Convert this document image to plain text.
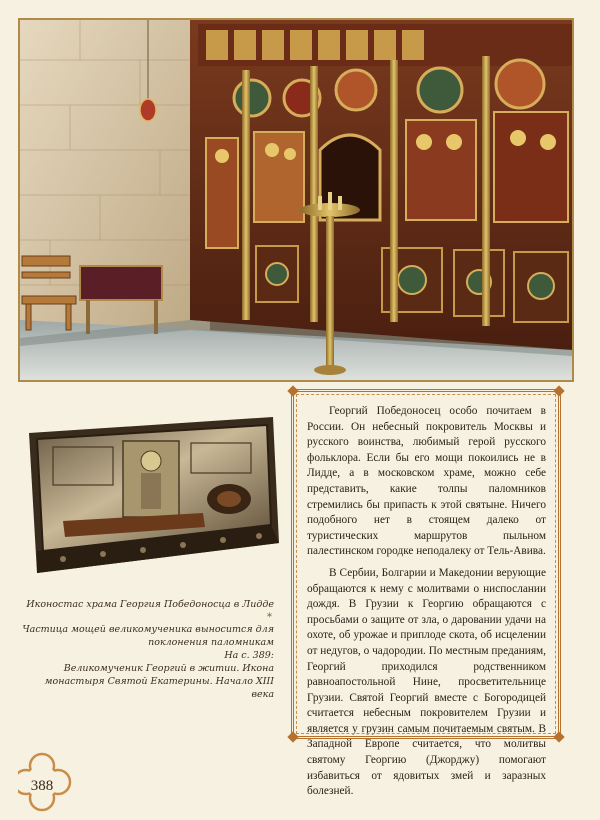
Иконостас храма Георгия Победоносца в Лидде

*

Частица мощей великомученика выносится для поклонения паломникам

На с. 389:

Великомученик Георгий в житии. Икона монастыря Святой Екатерины. Начало XIII века

Георгий Победоносец особо почитаем в России. Он небесный покровитель Москвы и русского воинства, любимый герой русского фольклора. Если бы его мощи покоились не в Лидде, а в московском храме, можно себе представить, какие толпы паломников стремились бы припасть к этой святыне. Ничего подобного нет в стоящем далеко от туристических маршрутов пыльном палестинском городке неподалеку от Тель-Авива.

В Сербии, Болгарии и Македонии верующие обращаются к нему с молитвами о ниспослании дождя. В Грузии к Георгию обращаются с просьбами о защите от зла, о даровании удачи на охоте, об урожае и приплоде скота, об исцелении от недугов, о чадородии. По местным преданиям, Георгий приходился родственником равноапостольной Нине, просветительнице Грузии. Святой Георгий вместе с Богородицей считается небесным покровителем Грузии и является у грузин самым почитаемым святым. В Западной Европе считается, что молитвы святому Георгию (Джорджу) помогают избавиться от ядовитых змей и заразных болезней.

388
